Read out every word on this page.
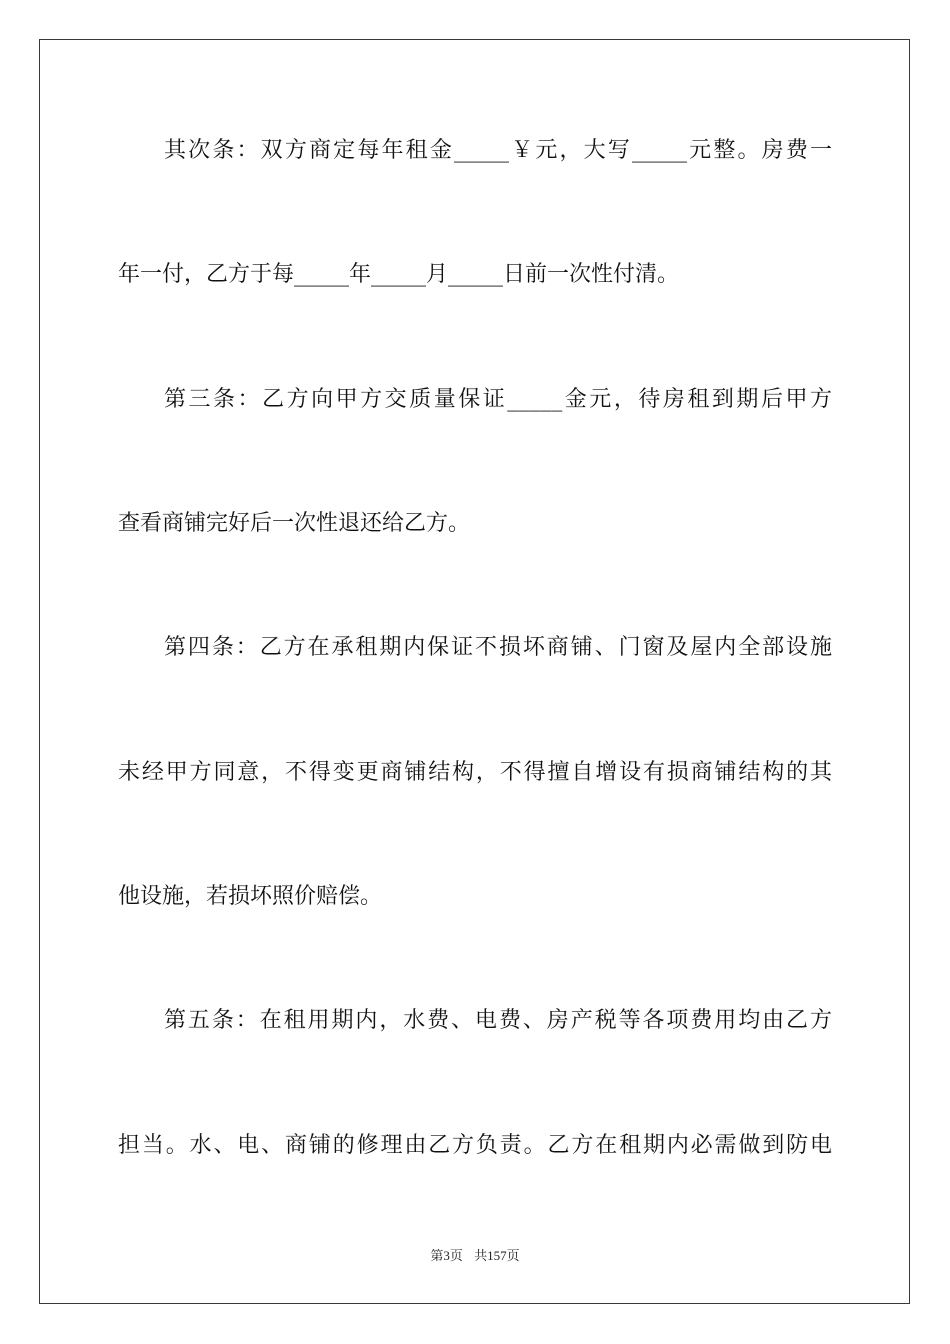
其次条：双方商定每年租金_____￥元，大写_____元整。房费一
年一付，乙方于每_____年_____月_____日前一次性付清。
第三条：乙方向甲方交质量保证_____金元，待房租到期后甲方
查看商铺完好后一次性退还给乙方。
第四条：乙方在承租期内保证不损坏商铺、门窗及屋内全部设施
未经甲方同意，不得变更商铺结构，不得擅自增设有损商铺结构的其
他设施，若损坏照价赔偿。
第五条：在租用期内，水费、电费、房产税等各项费用均由乙方
担当。水、电、商铺的修理由乙方负责。乙方在租期内必需做到防电
第3页 共157页
